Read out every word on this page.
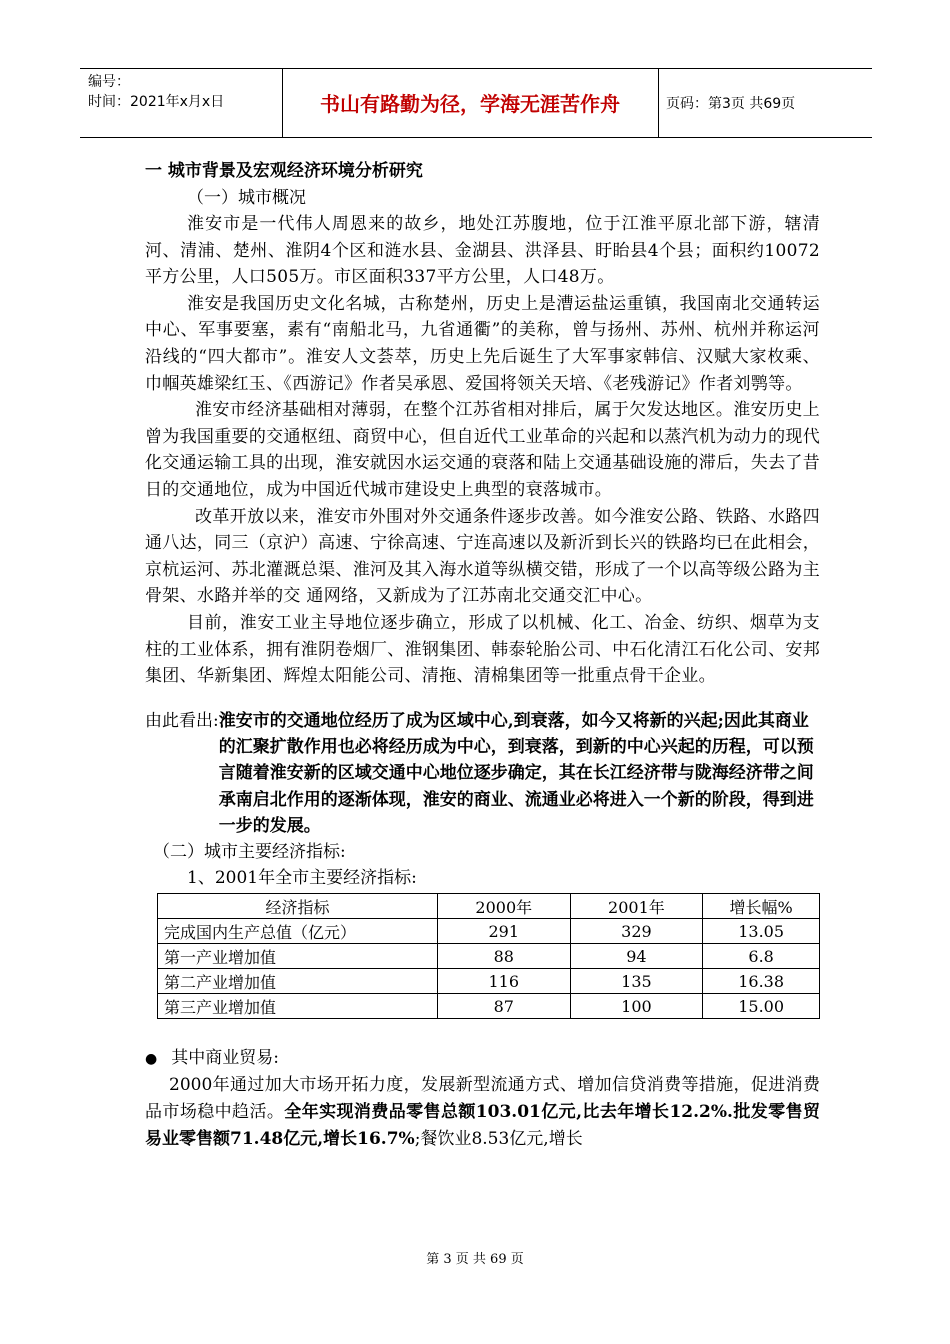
编号：
时间：2021年x月x日	书山有路勤为径，学海无涯苦作舟	页码：第3页 共69页
一 城市背景及宏观经济环境分析研究
（一）城市概况

淮安市是一代伟人周恩来的故乡，地处江苏腹地，位于江淮平原北部下游，辖清河、清浦、楚州、淮阴4个区和涟水县、金湖县、洪泽县、盱眙县4个县；面积约10072平方公里，人口505万。市区面积337平方公里，人口48万。

淮安是我国历史文化名城，古称楚州，历史上是漕运盐运重镇，我国南北交通转运中心、军事要塞，素有“南船北马，九省通衢”的美称，曾与扬州、苏州、杭州并称运河沿线的“四大都市”。淮安人文荟萃，历史上先后诞生了大军事家韩信、汉赋大家枚乘、巾帼英雄梁红玉、《西游记》作者吴承恩、爱国将领关天培、《老残游记》作者刘鹗等。

淮安市经济基础相对薄弱，在整个江苏省相对排后，属于欠发达地区。淮安历史上曾为我国重要的交通枢纽、商贸中心，但自近代工业革命的兴起和以蒸汽机为动力的现代化交通运输工具的出现，淮安就因水运交通的衰落和陆上交通基础设施的滞后，失去了昔日的交通地位，成为中国近代城市建设史上典型的衰落城市。

改革开放以来，淮安市外围对外交通条件逐步改善。如今淮安公路、铁路、水路四通八达，同三（京沪）高速、宁徐高速、宁连高速以及新沂到长兴的铁路均已在此相会，京杭运河、苏北灌溉总渠、淮河及其入海水道等纵横交错，形成了一个以高等级公路为主骨架、水路并举的交 通网络，又新成为了江苏南北交通交汇中心。

目前，淮安工业主导地位逐步确立，形成了以机械、化工、冶金、纺织、烟草为支柱的工业体系，拥有淮阴卷烟厂、淮钢集团、韩泰轮胎公司、中石化清江石化公司、安邦集团、华新集团、辉煌太阳能公司、清拖、清棉集团等一批重点骨干企业。

由此看出: 淮安市的交通地位经历了成为区域中心,到衰落，如今又将新的兴起;因此其商业的汇聚扩散作用也必将经历成为中心，到衰落，到新的中心兴起的历程，可以预言随着淮安新的区域交通中心地位逐步确定，其在长江经济带与陇海经济带之间承南启北作用的逐渐体现，淮安的商业、流通业必将进入一个新的阶段，得到进一步的发展。
（二）城市主要经济指标:
1、2001年全市主要经济指标:
经济指标	2000年	2001年	增长幅%
完成国内生产总值（亿元）	291	329	13.05
第一产业增加值	88	94	6.8
第二产业增加值	116	135	16.38
第三产业增加值	87	100	15.00
● 其中商业贸易:

2000年通过加大市场开拓力度，发展新型流通方式、增加信贷消费等措施，促进消费品市场稳中趋活。全年实现消费品零售总额103.01亿元,比去年增长12.2%.批发零售贸易业零售额71.48亿元,增长16.7%;餐饮业8.53亿元,增长

第 3 页 共 69 页
